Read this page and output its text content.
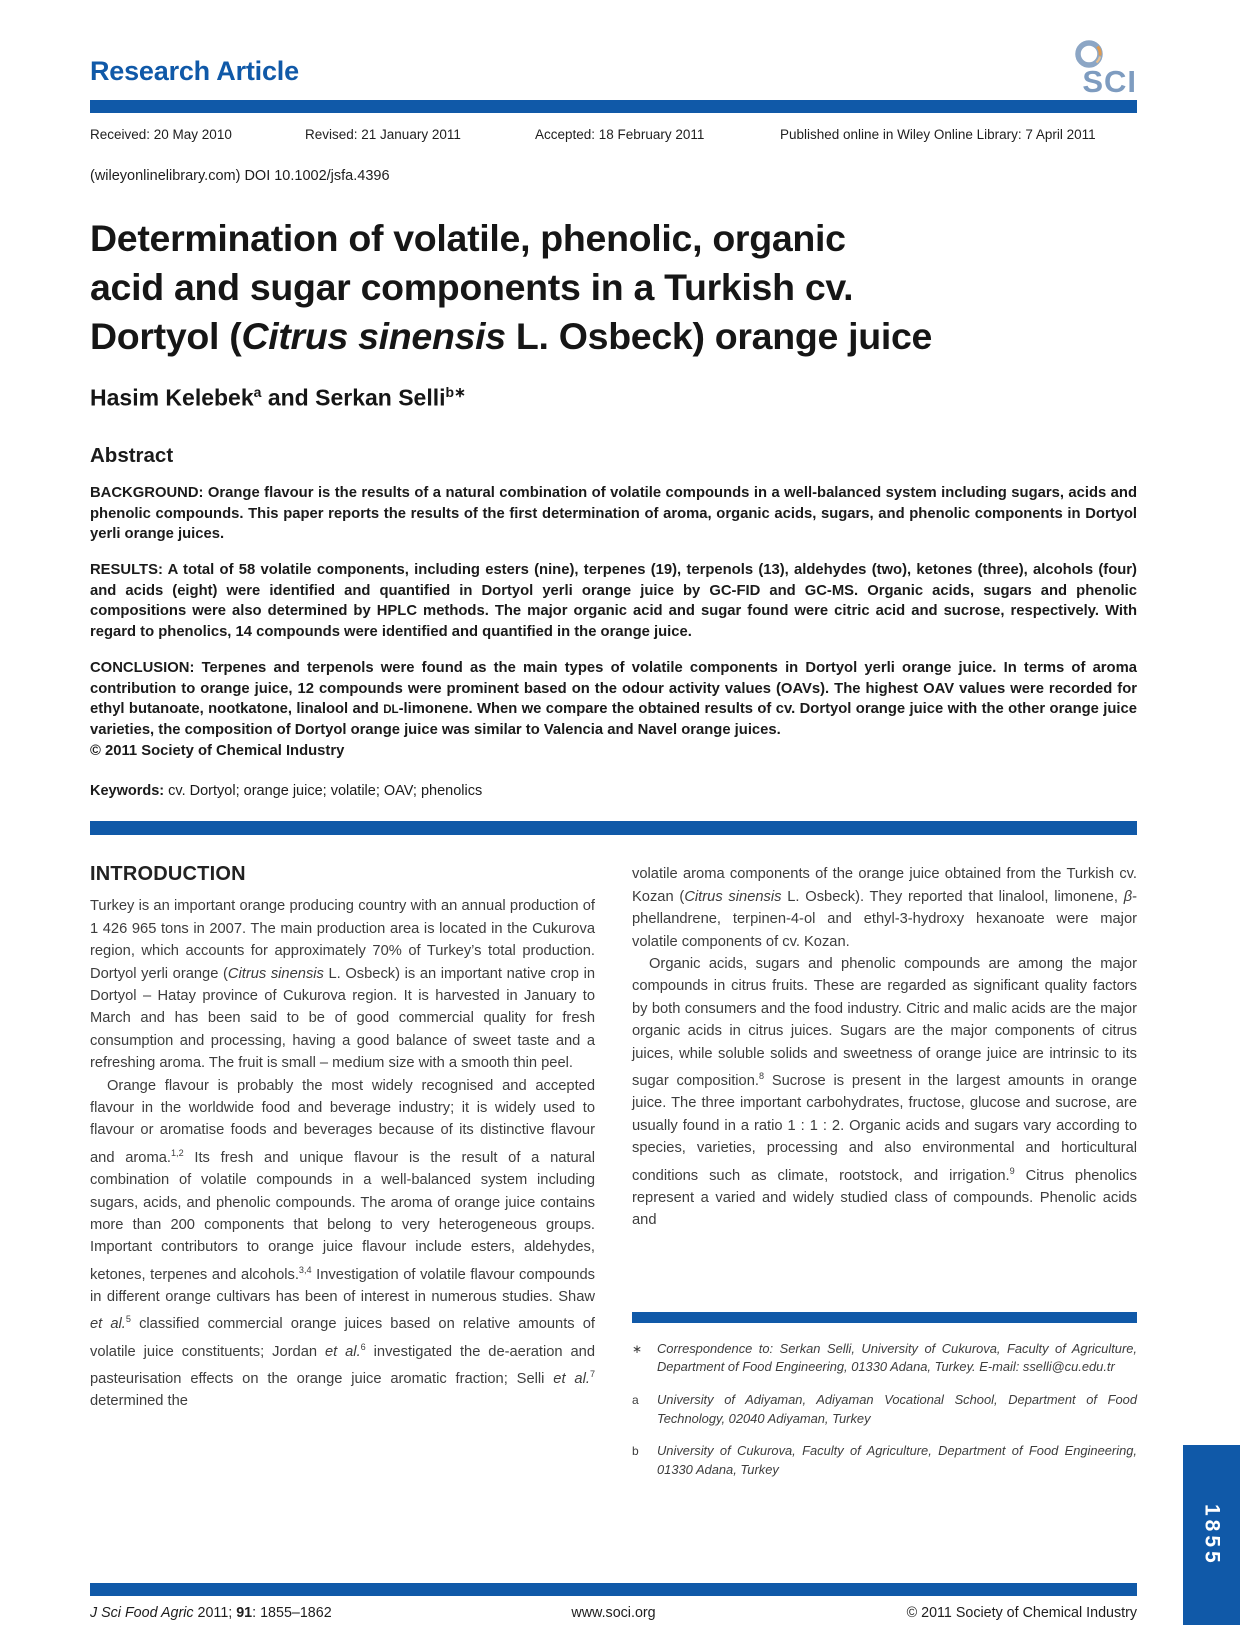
Research Article	SCI
Received: 20 May 2010	Revised: 21 January 2011	Accepted: 18 February 2011	Published online in Wiley Online Library: 7 April 2011
(wileyonlinelibrary.com) DOI 10.1002/jsfa.4396
Determination of volatile, phenolic, organic
acid and sugar components in a Turkish cv.
Dortyol (Citrus sinensis L. Osbeck) orange juice
Hasim Kelebek$^a$ and Serkan Selli$^{b∗}$
Abstract

BACKGROUND: Orange flavour is the results of a natural combination of volatile compounds in a well-balanced system including sugars, acids and phenolic compounds. This paper reports the results of the first determination of aroma, organic acids, sugars, and phenolic components in Dortyol yerli orange juices.

RESULTS: A total of 58 volatile components, including esters (nine), terpenes (19), terpenols (13), aldehydes (two), ketones (three), alcohols (four) and acids (eight) were identified and quantified in Dortyol yerli orange juice by GC-FID and GC-MS. Organic acids, sugars and phenolic compositions were also determined by HPLC methods. The major organic acid and sugar found were citric acid and sucrose, respectively. With regard to phenolics, 14 compounds were identified and quantified in the orange juice.

CONCLUSION: Terpenes and terpenols were found as the main types of volatile components in Dortyol yerli orange juice. In terms of aroma contribution to orange juice, 12 compounds were prominent based on the odour activity values (OAVs). The highest OAV values were recorded for ethyl butanoate, nootkatone, linalool and DL-limonene. When we compare the obtained results of cv. Dortyol orange juice with the other orange juice varieties, the composition of Dortyol orange juice was similar to Valencia and Navel orange juices.
© 2011 Society of Chemical Industry

Keywords: cv. Dortyol; orange juice; volatile; OAV; phenolics
INTRODUCTION

Turkey is an important orange producing country with an annual production of 1 426 965 tons in 2007. The main production area is located in the Cukurova region, which accounts for approximately 70% of Turkey’s total production. Dortyol yerli orange (Citrus sinensis L. Osbeck) is an important native crop in Dortyol – Hatay province of Cukurova region. It is harvested in January to March and has been said to be of good commercial quality for fresh consumption and processing, having a good balance of sweet taste and a refreshing aroma. The fruit is small – medium size with a smooth thin peel.

Orange flavour is probably the most widely recognised and accepted flavour in the worldwide food and beverage industry; it is widely used to flavour or aromatise foods and beverages because of its distinctive flavour and aroma.$^{1,2}$ Its fresh and unique flavour is the result of a natural combination of volatile compounds in a well-balanced system including sugars, acids, and phenolic compounds. The aroma of orange juice contains more than 200 components that belong to very heterogeneous groups. Important contributors to orange juice flavour include esters, aldehydes, ketones, terpenes and alcohols.$^{3,4}$ Investigation of volatile flavour compounds in different orange cultivars has been of interest in numerous studies. Shaw et al.$^5$ classified commercial orange juices based on relative amounts of volatile juice constituents; Jordan et al.$^6$ investigated the de-aeration and pasteurisation effects on the orange juice aromatic fraction; Selli et al.$^7$ determined the

volatile aroma components of the orange juice obtained from the Turkish cv. Kozan (Citrus sinensis L. Osbeck). They reported that linalool, limonene, β-phellandrene, terpinen-4-ol and ethyl-3-hydroxy hexanoate were major volatile components of cv. Kozan.

Organic acids, sugars and phenolic compounds are among the major compounds in citrus fruits. These are regarded as significant quality factors by both consumers and the food industry. Citric and malic acids are the major organic acids in citrus juices. Sugars are the major components of citrus juices, while soluble solids and sweetness of orange juice are intrinsic to its sugar composition.$^8$ Sucrose is present in the largest amounts in orange juice. The three important carbohydrates, fructose, glucose and sucrose, are usually found in a ratio 1 : 1 : 2. Organic acids and sugars vary according to species, varieties, processing and also environmental and horticultural conditions such as climate, rootstock, and irrigation.$^9$ Citrus phenolics represent a varied and widely studied class of compounds. Phenolic acids and

∗	Correspondence to: Serkan Selli, University of Cukurova, Faculty of Agriculture, Department of Food Engineering, 01330 Adana, Turkey. E-mail: sselli@cu.edu.tr
a	University of Adiyaman, Adiyaman Vocational School, Department of Food Technology, 02040 Adiyaman, Turkey
b	University of Cukurova, Faculty of Agriculture, Department of Food Engineering, 01330 Adana, Turkey
J Sci Food Agric 2011; 91: 1855–1862	www.soci.org	© 2011 Society of Chemical Industry
1855
